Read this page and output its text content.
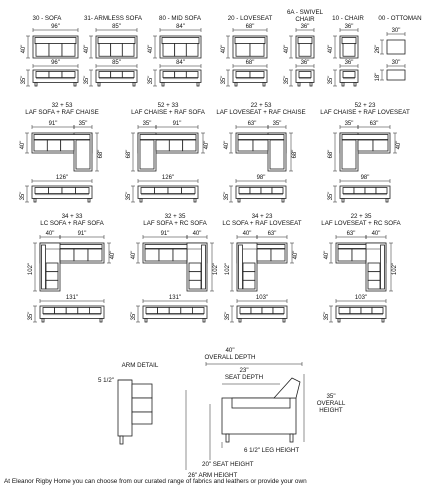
30 - SOFA
96"
40"
96"
35"
31- ARMLESS SOFA
85"
40"
85"
35"
80 - MID SOFA
84"
40"
84"
35"
20 - LOVESEAT
68"
40"
68"
35"
6A - SWIVEL
CHAIR
36"
40"
36"
35"
10 - CHAIR
36"
40"
36"
35"
00 - OTTOMAN
30"
26"
30"
18"
32 + 53
LAF SOFA + RAF CHAISE
91"	35"
40"
68"
126"
35"
52 + 33
LAF CHAISE + RAF SOFA
35"	91"
68"
40"
126"
35"
22 + 53
LAF LOVESEAT + RAF CHAISE
63"	35"
40"
68"
98"
35"
52 + 23
LAF CHAISE + RAF LOVESEAT
35"	63"
68"
40"
98"
35"
34 + 33
LC SOFA + RAF SOFA
40"	91"
102"
40"
131"
35"
32 + 35
LAF SOFA + RC SOFA
91"	40"
40"
102"
131"
35"
34 + 23
LC SOFA + RAF LOVESEAT
40"	63"
102"
40"
103"
35"
22 + 35
LAF LOVESEAT + RC SOFA
63"	40"
40"
102"
103"
35"
ARM DETAIL
5 1/2"
40"
OVERALL DEPTH
23"
SEAT DEPTH
35"
OVERALL
HEIGHT
6 1/2" LEG HEIGHT
20" SEAT HEIGHT
26" ARM HEIGHT
At Eleanor Rigby Home you can choose from our curated range of fabrics and leathers or provide your own
